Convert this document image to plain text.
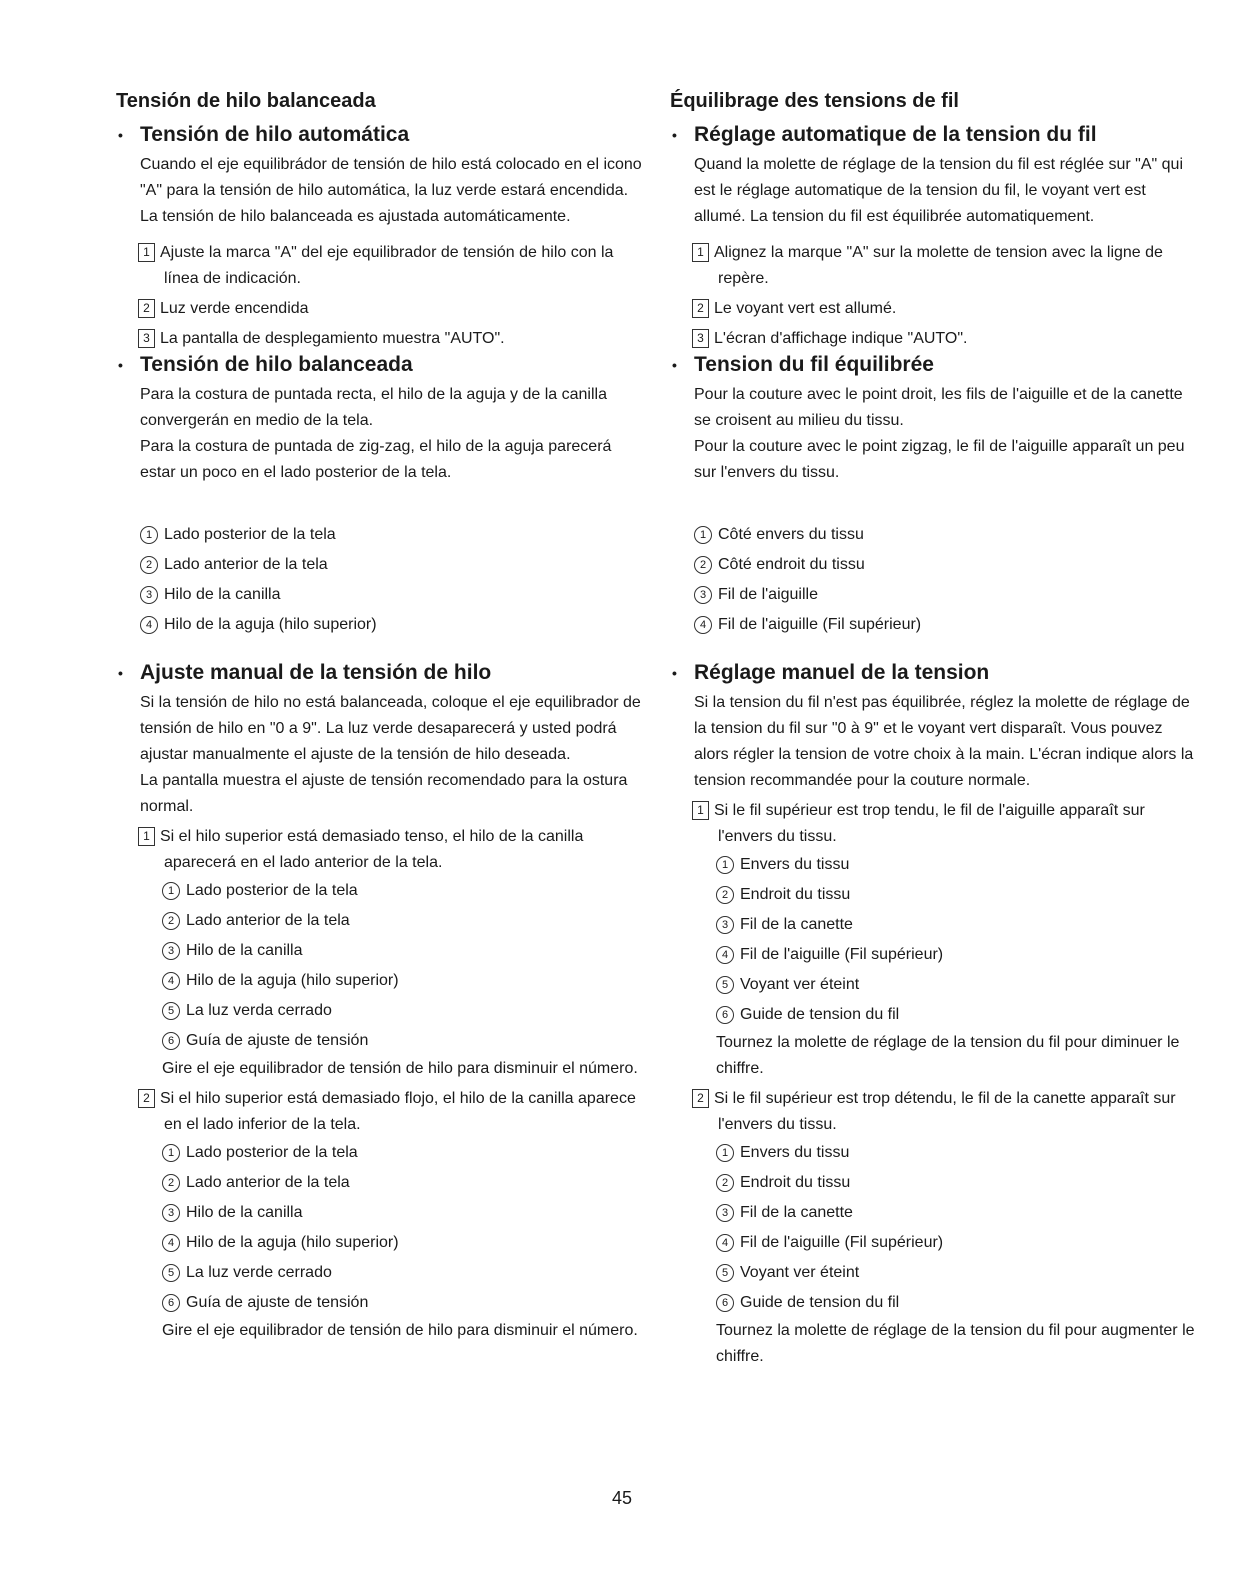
Tensión de hilo balanceada
• Tensión de hilo automática

Cuando el eje equilibrádor de tensión de hilo está colocado en el icono "A" para la tensión de hilo automática, la luz verde estará encendida. La tensión de hilo balanceada es ajustada automáticamente.

1 Ajuste la marca "A" del eje equilibrador de tensión de hilo con la línea de indicación.

2 Luz verde encendida

3 La pantalla de desplegamiento muestra "AUTO".

• Tensión de hilo balanceada

Para la costura de puntada recta, el hilo de la aguja y de la canilla convergerán en medio de la tela.

Para la costura de puntada de zig-zag, el hilo de la aguja parecerá estar un poco en el lado posterior de la tela.

1 Lado posterior de la tela
2 Lado anterior de la tela
3 Hilo de la canilla
4 Hilo de la aguja (hilo superior)
• Ajuste manual de la tensión de hilo

Si la tensión de hilo no está balanceada, coloque el eje equilibrador de tensión de hilo en "0 a 9". La luz verde desaparecerá y usted podrá ajustar manualmente el ajuste de la tensión de hilo deseada.

La pantalla muestra el ajuste de tensión recomendado para la ostura normal.

1 Si el hilo superior está demasiado tenso, el hilo de la canilla aparecerá en el lado anterior de la tela.

1 Lado posterior de la tela
2 Lado anterior de la tela
3 Hilo de la canilla
4 Hilo de la aguja (hilo superior)
5 La luz verda cerrado
6 Guía de ajuste de tensión

Gire el eje equilibrador de tensión de hilo para disminuir el número.

2 Si el hilo superior está demasiado flojo, el hilo de la canilla aparece en el lado inferior de la tela.

1 Lado posterior de la tela
2 Lado anterior de la tela
3 Hilo de la canilla
4 Hilo de la aguja (hilo superior)
5 La luz verde cerrado
6 Guía de ajuste de tensión

Gire el eje equilibrador de tensión de hilo para disminuir el número.

Équilibrage des tensions de fil
• Réglage automatique de la tension du fil

Quand la molette de réglage de la tension du fil est réglée sur "A" qui est le réglage automatique de la tension du fil, le voyant vert est allumé. La tension du fil est équilibrée automatiquement.

1 Alignez la marque "A" sur la molette de tension avec la ligne de repère.

2 Le voyant vert est allumé.

3 L'écran d'affichage indique "AUTO".

• Tension du fil équilibrée

Pour la couture avec le point droit, les fils de l'aiguille et de la canette se croisent au milieu du tissu.

Pour la couture avec le point zigzag, le fil de l'aiguille apparaît un peu sur l'envers du tissu.

1 Côté envers du tissu
2 Côté endroit du tissu
3 Fil de l'aiguille
4 Fil de l'aiguille (Fil supérieur)
• Réglage manuel de la tension

Si la tension du fil n'est pas équilibrée, réglez la molette de réglage de la tension du fil sur "0 à 9" et le voyant vert disparaît. Vous pouvez alors régler la tension de votre choix à la main. L'écran indique alors la tension recommandée pour la couture normale.

1 Si le fil supérieur est trop tendu, le fil de l'aiguille apparaît sur l'envers du tissu.

1 Envers du tissu
2 Endroit du tissu
3 Fil de la canette
4 Fil de l'aiguille (Fil supérieur)
5 Voyant ver éteint
6 Guide de tension du fil

Tournez la molette de réglage de la tension du fil pour diminuer le chiffre.

2 Si le fil supérieur est trop détendu, le fil de la canette apparaît sur l'envers du tissu.

1 Envers du tissu
2 Endroit du tissu
3 Fil de la canette
4 Fil de l'aiguille (Fil supérieur)
5 Voyant ver éteint
6 Guide de tension du fil

Tournez la molette de réglage de la tension du fil pour augmenter le chiffre.

45
